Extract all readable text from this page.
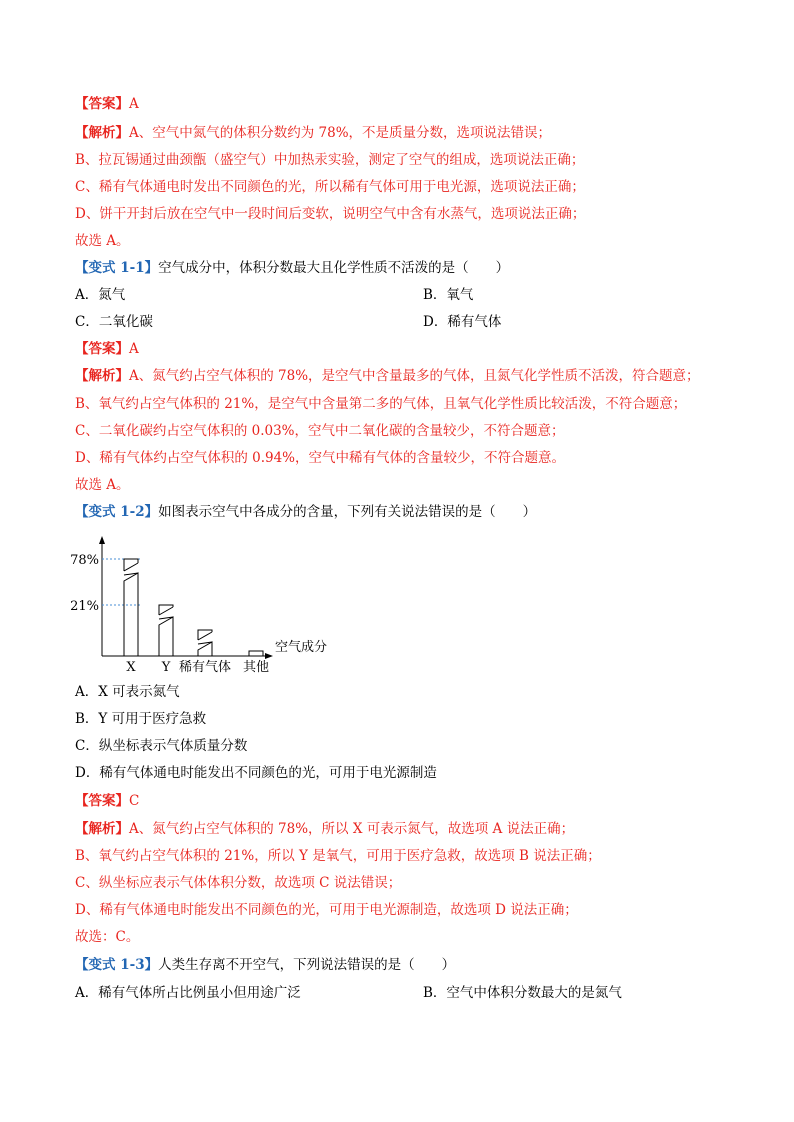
【答案】A
【解析】A、空气中氮气的体积分数约为 78%，不是质量分数，选项说法错误；
B、拉瓦锡通过曲颈甑（盛空气）中加热汞实验，测定了空气的组成，选项说法正确；
C、稀有气体通电时发出不同颜色的光，所以稀有气体可用于电光源，选项说法正确；
D、饼干开封后放在空气中一段时间后变软，说明空气中含有水蒸气，选项说法正确；
故选 A。
【变式 1-1】空气成分中，体积分数最大且化学性质不活泼的是（　　）
A．氮气	B．氧气
C．二氧化碳	D．稀有气体
【答案】A
【解析】A、氮气约占空气体积的 78%，是空气中含量最多的气体，且氮气化学性质不活泼，符合题意；
B、氧气约占空气体积的 21%，是空气中含量第二多的气体，且氧气化学性质比较活泼，不符合题意；
C、二氧化碳约占空气体积的 0.03%，空气中二氧化碳的含量较少，不符合题意；
D、稀有气体约占空气体积的 0.94%，空气中稀有气体的含量较少，不符合题意。
故选 A。
【变式 1-2】如图表示空气中各成分的含量，下列有关说法错误的是（　　）
78%
21%
X Y 稀有气体 其他
空气成分
A．X 可表示氮气
B．Y 可用于医疗急救
C．纵坐标表示气体质量分数
D．稀有气体通电时能发出不同颜色的光，可用于电光源制造
【答案】C
【解析】A、氮气约占空气体积的 78%，所以 X 可表示氮气，故选项 A 说法正确；
B、氧气约占空气体积的 21%，所以 Y 是氧气，可用于医疗急救，故选项 B 说法正确；
C、纵坐标应表示气体体积分数，故选项 C 说法错误；
D、稀有气体通电时能发出不同颜色的光，可用于电光源制造，故选项 D 说法正确；
故选：C。
【变式 1-3】人类生存离不开空气，下列说法错误的是（　　）
A．稀有气体所占比例虽小但用途广泛	B．空气中体积分数最大的是氮气
